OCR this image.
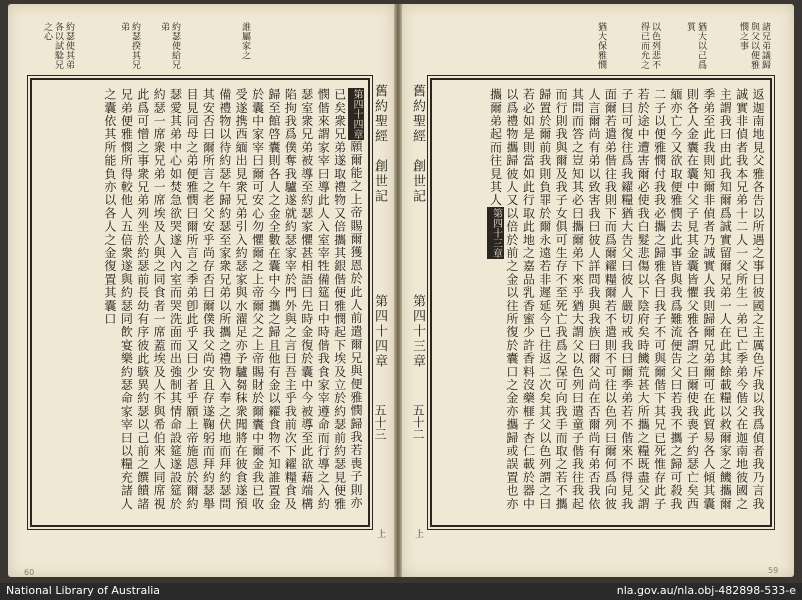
約瑟使其弟各以試騐兄之心	約瑟揆其兄弟	約瑟使給兄弟	誰屬家之

第四十四章願爾能之上帝賜爾獲恩於此人前遣爾兄與便雅憫歸我若喪子則亦已矣衆兄弟遂取禮物又倍攜其銀偕便雅憫起下埃及立於約瑟前約瑟見便雅憫偕來謂家宰曰導此人入室宰牲備筵日中時偕我食家宰遵命而行導之入約瑟室衆兄弟被導至約瑟家懼甚相語曰先時金復於囊中今被導至此欲藉端構陷拘我爲僕奪我驢遂就約瑟家宰於門外與之言曰吾主乎我前次下糴糧食及歸至館啓囊則各人之金全數在囊中今攜之歸且他有金以糴食物不知誰置金於囊中家宰曰爾可安心勿懼爾之上帝爾父之上帝賜財於爾囊中爾金我已收受遂携西緬出見衆兄弟引入約瑟家與水濯足亦予驢芻秣衆聞將在彼食遂預備禮物以待約瑟午歸約瑟至家衆兄弟以所攜之禮物入奉之伏地而拜約瑟問其安否曰爾所言之老父安乎尚存否曰爾僕我父尚安且存遂鞠躬而拜約瑟舉目見同母之弟便雅憫曰爾所言之季弟卽此乎又曰少者乎願上帝施恩於爾約瑟愛其弟中心如焚急欲哭遂入內室而哭洗面而出強制其情命設筵遂設筵於約瑟一席衆兄弟一席埃及人與之同食者一席蓋埃及人不與希伯來人同席視此爲可憎之事衆兄弟列坐於約瑟前長幼有序彼此駭異約瑟以己前之饌饋諸兄弟便雅憫所得較他人五倍衆遂與約瑟同飲宴樂約瑟命家宰曰以糧充諸人之囊依其所能負亦以各人之金復置其囊口	舊約聖經　創世記
第四十四章
五十三
上
諸兄弟議歸與父以便雅憫之事
猶大以己爲質
以色列悲不得已而允之
猶大保雅憫
舊約聖經　創世記
第四十三章
五十二
上

返迦南地見父雅各告以所遇之事曰彼國之主厲色斥我以我爲偵者我乃言我誠實非偵者我本兄弟十二人一父所生一弟已亡季弟今偕父在迦南地彼國之主謂我曰由此我知爾爲誠實留爾兄弟一人在此其餘載糧以救爾家之饑攜爾季弟至此我則知爾非偵者乃誠實人我則歸爾兄弟爾可在此貿易各人傾其囊則各人金囊在囊中父子見其金囊皆懼父雅各謂之曰爾使我喪子約瑟亡矣西緬亦亡今又欲取便雅憫去此事皆與我爲難流便告父曰若我不攜之歸可殺我二子以便雅憫付我我必攜之歸雅各曰我子不可與爾偕下其兄已死惟存此子若於途中遭害爾必使我白髮悲傷以下陰府矣時饑荒甚大所攜之糧既盡父謂子曰可復往爲我糴糧猶大告父曰彼人嚴切戒我曰爾季弟若不偕來不得見我面爾若遣弟偕往我則下而爲爾糴糧爾若不遣則不可往以色列曰爾何爲向彼人言爾尚有弟以致害我曰彼人詳問我與我族曰爾父尚在否爾尚有弟否我依其問而答之豈知其必曰攜爾弟下來乎猶大謂父以色列曰遣童子偕我往我起而行則我與爾及我子女俱可生存不至死亡我爲之保可向我手而取之若不攜歸置於爾前我則負罪於爾永遠若非遲延今已往返二次矣其父以色列謂之曰若必如是則當如此行取此地之嘉品乳香蜜少許香料沒藥榧子杏仁載於器中以爲禮物攜歸彼人又以倍於前之金以往所復於囊口之金亦攜歸或誤置也亦攜爾弟起而往見其人第四十三章

60	59
National Library of Australia	nla.gov.au/nla.obj-482898-533-e
